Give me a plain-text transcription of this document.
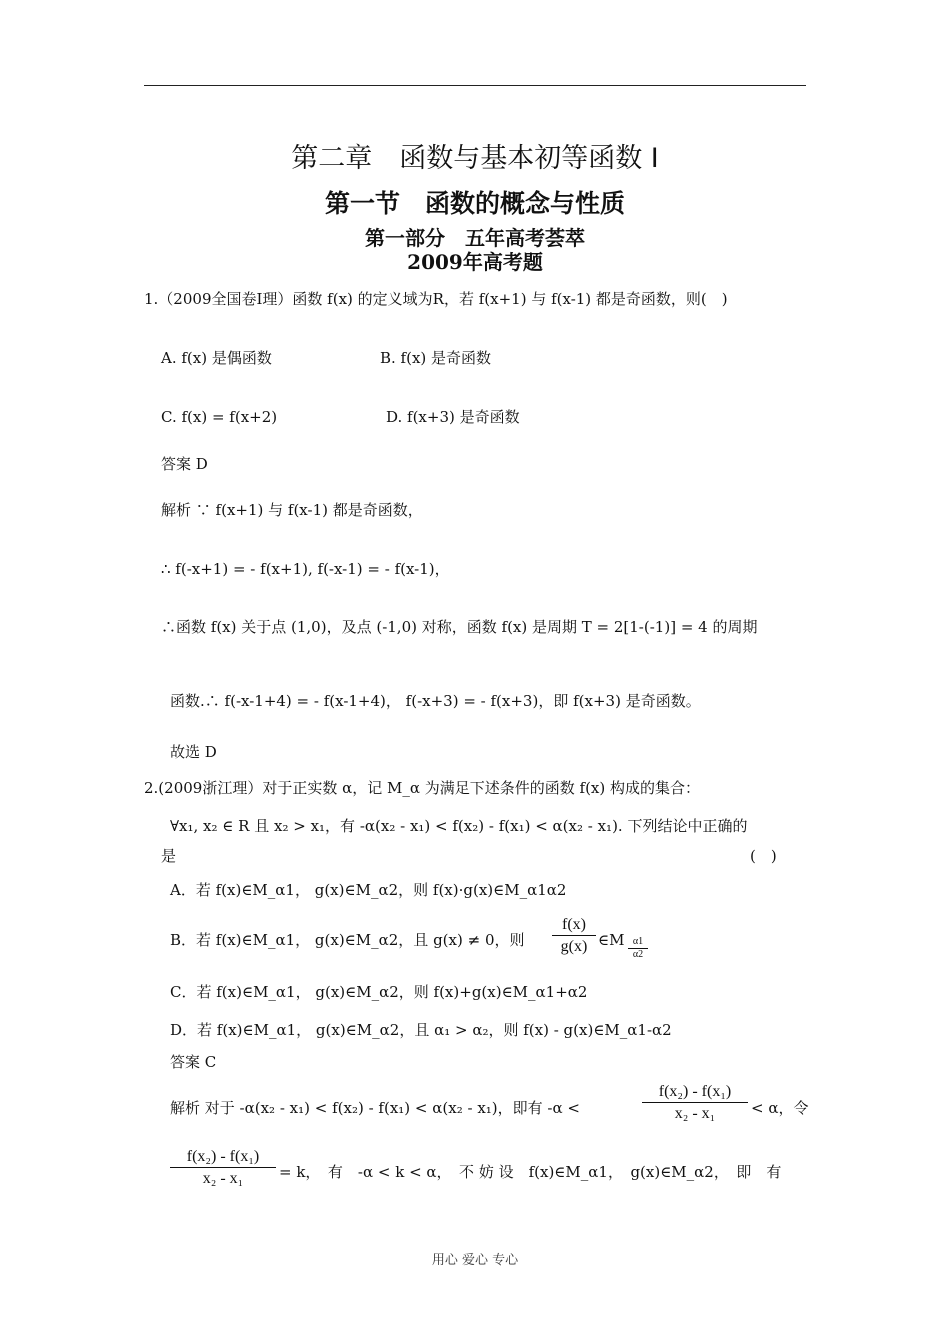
第二章　函数与基本初等函数 I
第一节　函数的概念与性质
第一部分　五年高考荟萃
2009年高考题
1.（2009全国卷Ⅰ理）函数 f(x) 的定义域为R，若 f(x+1) 与 f(x-1) 都是奇函数，则(　)
A. f(x) 是偶函数	B. f(x) 是奇函数
C. f(x) = f(x+2)	D. f(x+3) 是奇函数
答案 D
解析 ∵ f(x+1) 与 f(x-1) 都是奇函数，
∴ f(-x+1) = - f(x+1), f(-x-1) = - f(x-1)，
∴函数 f(x) 关于点 (1,0)，及点 (-1,0) 对称，函数 f(x) 是周期 T = 2[1-(-1)] = 4 的周期
函数.∴ f(-x-1+4) = - f(x-1+4)， f(-x+3) = - f(x+3)，即 f(x+3) 是奇函数。
故选 D
2.(2009浙江理）对于正实数 α，记 M_α 为满足下述条件的函数 f(x) 构成的集合：
∀x₁, x₂ ∈ R 且 x₂ > x₁，有 -α(x₂ - x₁) < f(x₂) - f(x₁) < α(x₂ - x₁). 下列结论中正确的
是	(　)
A．若 f(x)∈M_α1， g(x)∈M_α2，则 f(x)·g(x)∈M_α1α2
B．若 f(x)∈M_α1， g(x)∈M_α2，且 g(x) ≠ 0，则
f(x)
g(x) ∈M α1
α2
C．若 f(x)∈M_α1， g(x)∈M_α2，则 f(x)+g(x)∈M_α1+α2
D．若 f(x)∈M_α1， g(x)∈M_α2，且 α₁ > α₂，则 f(x) - g(x)∈M_α1-α2
答案 C
解析 对于 -α(x₂ - x₁) < f(x₂) - f(x₁) < α(x₂ - x₁)，即有 -α <
f(x₂) - f(x₁)
x₂ - x₁	< α，令
f(x₂) - f(x₁)
x₂ - x₁	= k，　有　-α < k < α，　不 妨 设　f(x)∈M_α1，　g(x)∈M_α2，　即　有
用心 爱心 专心
